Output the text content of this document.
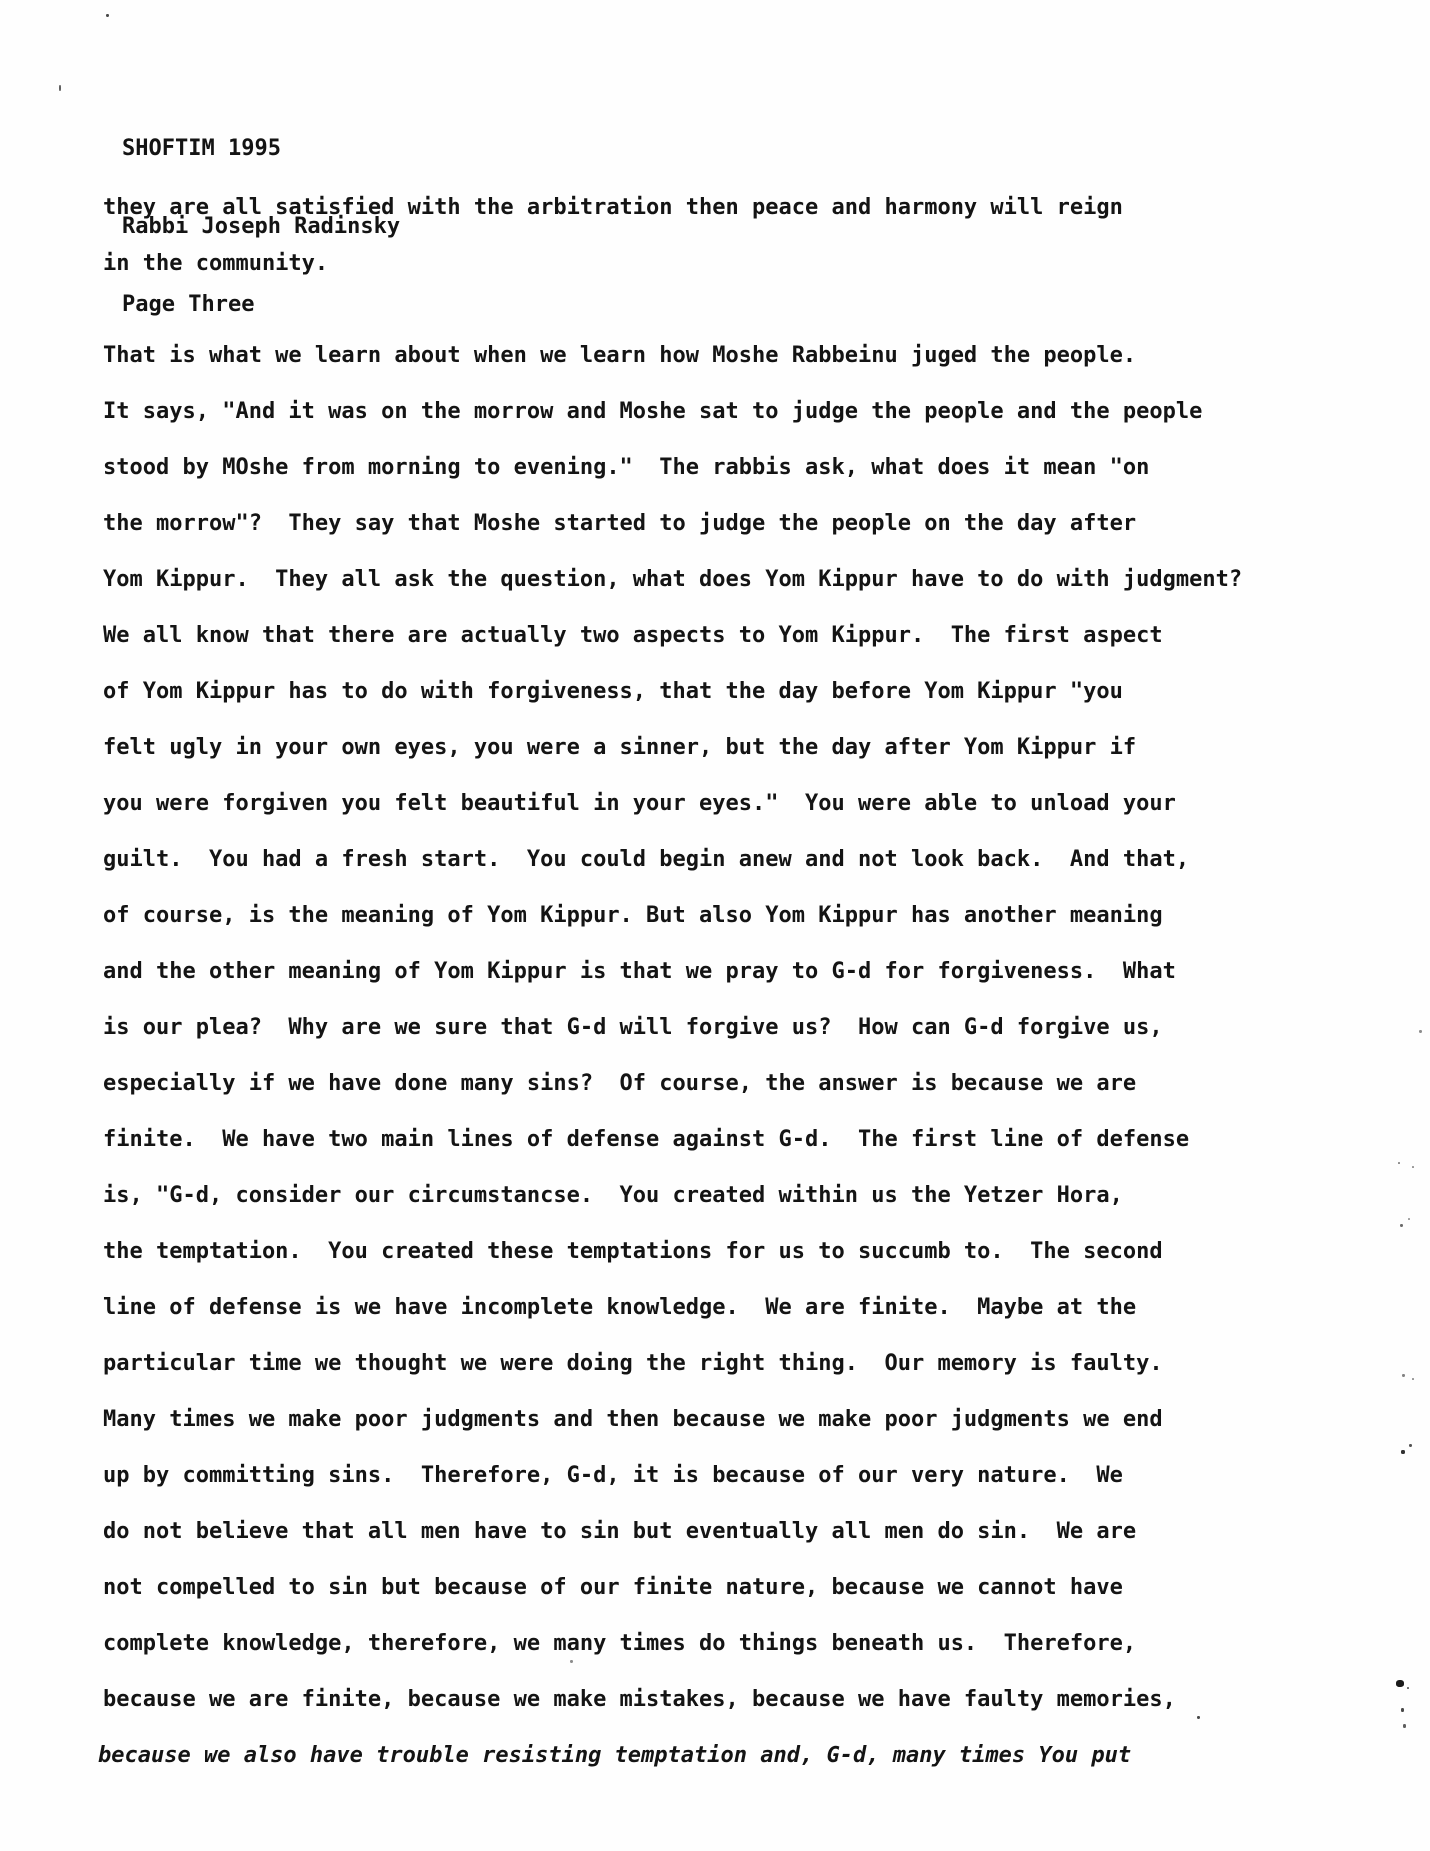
SHOFTIM 1995

Rabbi Joseph Radinsky

Page Three

they are all satisfied with the arbitration then peace and harmony will reign
in the community.
That is what we learn about when we learn how Moshe Rabbeinu juged the people.
It says, "And it was on the morrow and Moshe sat to judge the people and the people
stood by MOshe from morning to evening."  The rabbis ask, what does it mean "on
the morrow"?  They say that Moshe started to judge the people on the day after
Yom Kippur.  They all ask the question, what does Yom Kippur have to do with judgment?
We all know that there are actually two aspects to Yom Kippur.  The first aspect
of Yom Kippur has to do with forgiveness, that the day before Yom Kippur "you
felt ugly in your own eyes, you were a sinner, but the day after Yom Kippur if
you were forgiven you felt beautiful in your eyes."  You were able to unload your
guilt.  You had a fresh start.  You could begin anew and not look back.  And that,
of course, is the meaning of Yom Kippur. But also Yom Kippur has another meaning
and the other meaning of Yom Kippur is that we pray to G-d for forgiveness.  What
is our plea?  Why are we sure that G-d will forgive us?  How can G-d forgive us,
especially if we have done many sins?  Of course, the answer is because we are
finite.  We have two main lines of defense against G-d.  The first line of defense
is, "G-d, consider our circumstancse.  You created within us the Yetzer Hora,
the temptation.  You created these temptations for us to succumb to.  The second
line of defense is we have incomplete knowledge.  We are finite.  Maybe at the
particular time we thought we were doing the right thing.  Our memory is faulty.
Many times we make poor judgments and then because we make poor judgments we end
up by committing sins.  Therefore, G-d, it is because of our very nature.  We
do not believe that all men have to sin but eventually all men do sin.  We are
not compelled to sin but because of our finite nature, because we cannot have
complete knowledge, therefore, we many times do things beneath us.  Therefore,
because we are finite, because we make mistakes, because we have faulty memories,
because we also have trouble resisting temptation and, G-d, many times You put
